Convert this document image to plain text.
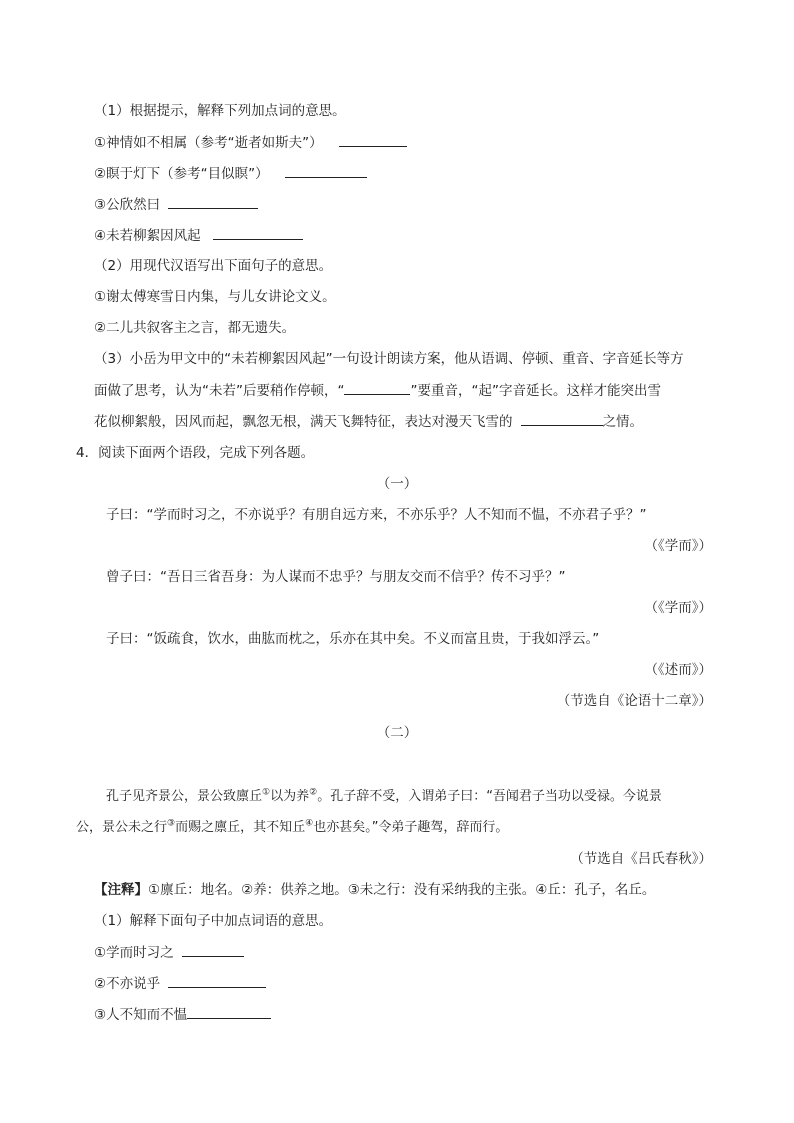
（1）根据提示，解释下列加点词的意思。
①神情如不相属（参考“逝者如斯夫”）
②瞑于灯下（参考“目似瞑”）
③公欣然曰
④未若柳絮因风起
（2）用现代汉语写出下面句子的意思。
①谢太傅寒雪日内集，与儿女讲论文义。
②二儿共叙客主之言，都无遗失。
（3）小岳为甲文中的“未若柳絮因风起”一句设计朗读方案，他从语调、停顿、重音、字音延长等方
面做了思考，认为“未若”后要稍作停顿，“	”要重音，“起”字音延长。这样才能突出雪
花似柳絮般，因风而起，飘忽无根，满天飞舞特征，表达对漫天飞雪的	之情。
4．阅读下面两个语段，完成下列各题。
（一）
子曰：“学而时习之，不亦说乎？有朋自远方来，不亦乐乎？人不知而不愠，不亦君子乎？”
（《学而》）
曾子曰：“吾日三省吾身：为人谋而不忠乎？与朋友交而不信乎？传不习乎？”
（《学而》）
子曰：“饭疏食，饮水，曲肱而枕之，乐亦在其中矣。不义而富且贵，于我如浮云。”
（《述而》）
（节选自《论语十二章》）
（二）
孔子见齐景公，景公致廪丘①以为养②。孔子辞不受，入谓弟子曰：“吾闻君子当功以受禄。今说景
公，景公未之行③而赐之廪丘，其不知丘④也亦甚矣。”令弟子趣驾，辞而行。
（节选自《吕氏春秋》）
【注释】①廪丘：地名。②养：供养之地。③未之行：没有采纳我的主张。④丘：孔子，名丘。
（1）解释下面句子中加点词语的意思。
①学而时习之
②不亦说乎
③人不知而不愠
